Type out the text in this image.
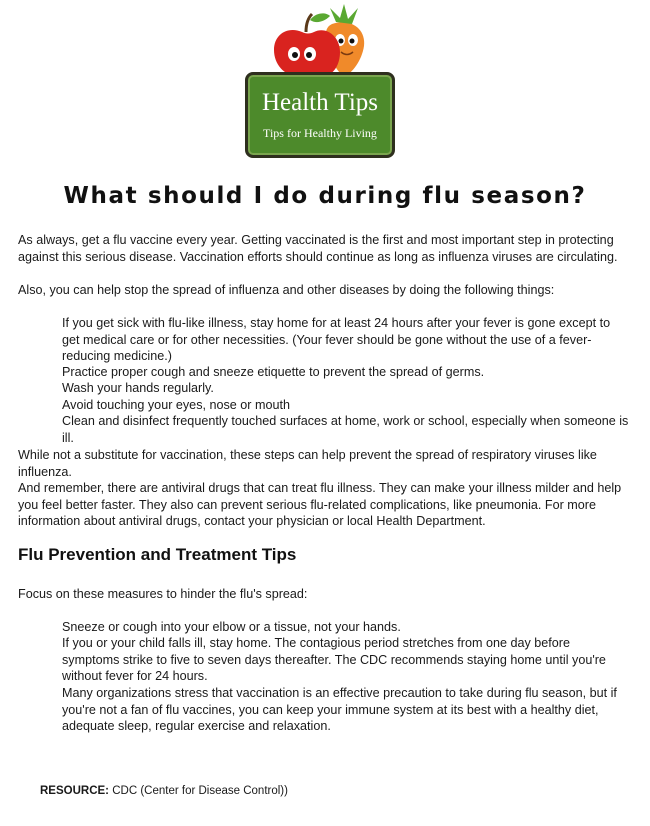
Health Tips
Tips for Healthy Living
What should I do during flu season?

As always, get a flu vaccine every year. Getting vaccinated is the first and most important step in protecting against this serious disease. Vaccination efforts should continue as long as influenza viruses are circulating.

Also, you can help stop the spread of influenza and other diseases by doing the following things:

If you get sick with flu-like illness, stay home for at least 24 hours after your fever is gone except to get medical care or for other necessities. (Your fever should be gone without the use of a fever-reducing medicine.)

Practice proper cough and sneeze etiquette to prevent the spread of germs.

Wash your hands regularly.

Avoid touching your eyes, nose or mouth

Clean and disinfect frequently touched surfaces at home, work or school, especially when someone is ill.

While not a substitute for vaccination, these steps can help prevent the spread of respiratory viruses like influenza.

And remember, there are antiviral drugs that can treat flu illness. They can make your illness milder and help you feel better faster. They also can prevent serious flu-related complications, like pneumonia. For more information about antiviral drugs, contact your physician or local Health Department.

Flu Prevention and Treatment Tips

Focus on these measures to hinder the flu's spread:

Sneeze or cough into your elbow or a tissue, not your hands.

If you or your child falls ill, stay home. The contagious period stretches from one day before symptoms strike to five to seven days thereafter. The CDC recommends staying home until you're without fever for 24 hours.

Many organizations stress that vaccination is an effective precaution to take during flu season, but if you're not a fan of flu vaccines, you can keep your immune system at its best with a healthy diet, adequate sleep, regular exercise and relaxation.

RESOURCE: CDC (Center for Disease Control))
